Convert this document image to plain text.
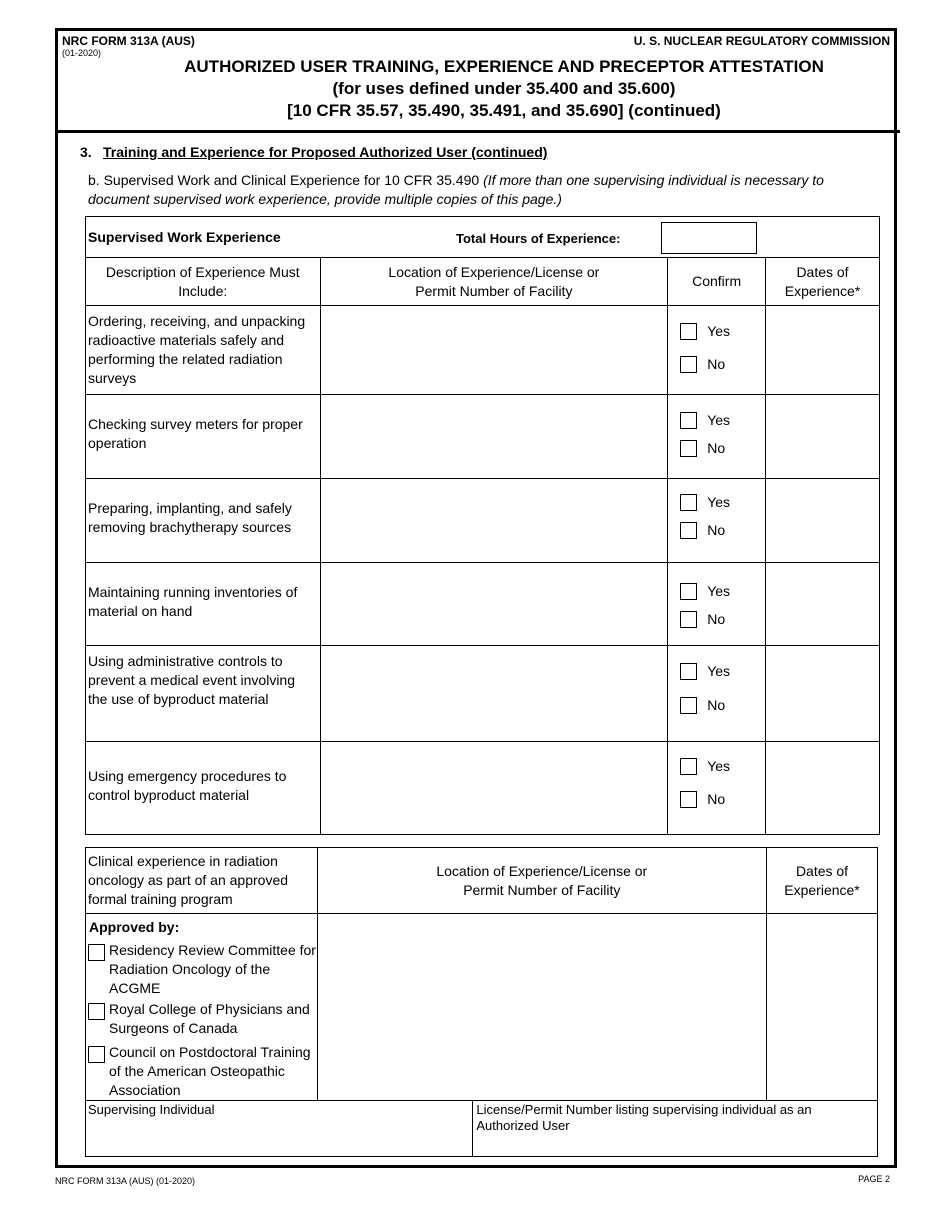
NRC FORM 313A (AUS)
(01-2020)
U. S. NUCLEAR REGULATORY COMMISSION
AUTHORIZED USER TRAINING, EXPERIENCE AND PRECEPTOR ATTESTATION
(for uses defined under 35.400 and 35.600)
[10 CFR 35.57, 35.490, 35.491, and 35.690] (continued)
3. Training and Experience for Proposed Authorized User (continued)
b. Supervised Work and Clinical Experience for 10 CFR 35.490 (If more than one supervising individual is necessary to document supervised work experience, provide multiple copies of this page.)
Supervised Work Experience Total Hours of Experience:			

Description of Experience Must Include:	Location of Experience/License or Permit Number of Facility	Confirm	Dates of Experience*

Ordering, receiving, and unpacking radioactive materials safely and performing the related radiation surveys		Yes
No	

Checking survey meters for proper operation		Yes
No	

Preparing, implanting, and safely removing brachytherapy sources		Yes
No	

Maintaining running inventories of material on hand		Yes
No	

Using administrative controls to prevent a medical event involving the use of byproduct material		Yes
No	

Using emergency procedures to control byproduct material		Yes
No	

Clinical experience in radiation oncology as part of an approved formal training program	Location of Experience/License or Permit Number of Facility		Dates of Experience*

Approved by:
Residency Review Committee for Radiation Oncology of the ACGME
Royal College of Physicians and Surgeons of Canada
Council on Postdoctoral Training of the American Osteopathic Association			

Supervising Individual		License/Permit Number listing supervising individual as an Authorized User	
NRC FORM 313A (AUS) (01-2020)	PAGE 2
